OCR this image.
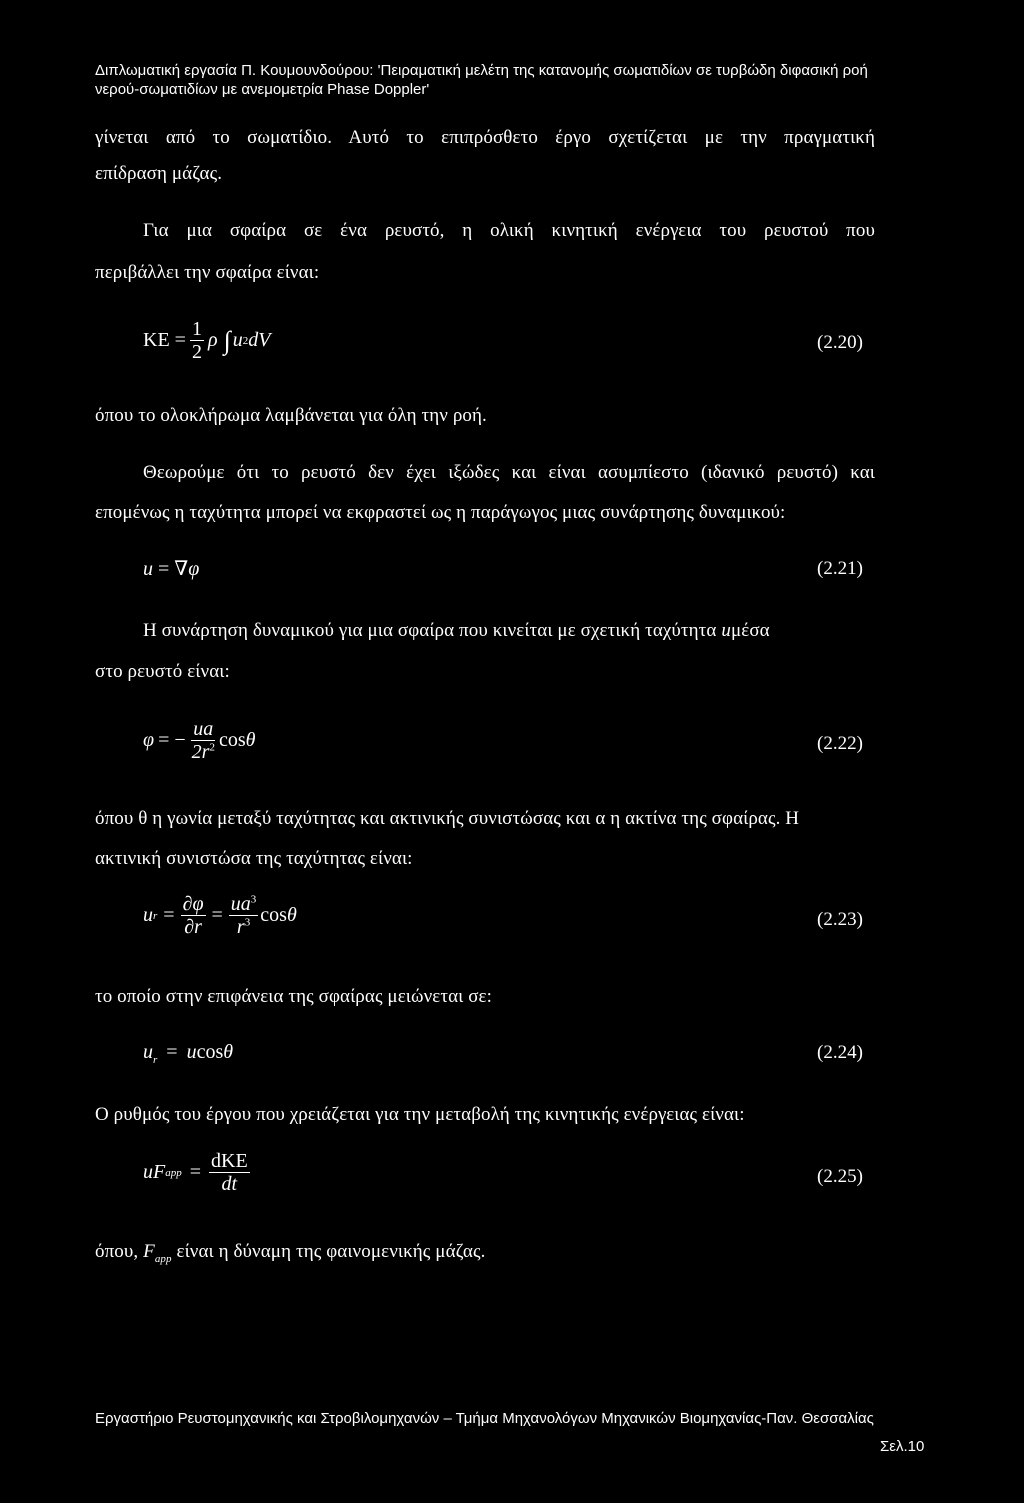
Διπλωματική εργασία Π. Κουμουνδούρου: 'Πειραματική μελέτη της κατανομής σωματιδίων σε τυρβώδη διφασική ροή
νερού-σωματιδίων με ανεμομετρία Phase Doppler'
γίνεται από το σωματίδιο. Αυτό το επιπρόσθετο έργο σχετίζεται με την πραγματική
επίδραση μάζας.
Για μια σφαίρα σε ένα ρευστό, η ολική κινητική ενέργεια του ρευστού που
περιβάλλει την σφαίρα είναι:
KE = $\frac{1}{2}$ ρ ∫ u 2 dV	(2.20)
όπου το ολοκλήρωμα λαμβάνεται για όλη την ροή.
Θεωρούμε ότι το ρευστό δεν έχει ιξώδες και είναι ασυμπίεστο (ιδανικό ρευστό) και
επομένως η ταχύτητα μπορεί να εκφραστεί ως η παράγωγος μιας συνάρτησης δυναμικού:
u = ∇φ	(2.21)
Η συνάρτηση δυναμικού για μια σφαίρα που κινείται με σχετική ταχύτητα uμέσα
στο ρευστό είναι:
φ = − $\frac{ua}{2r^2}$ cos θ	(2.22)
όπου θ η γωνία μεταξύ ταχύτητας και ακτινικής συνιστώσας και α η ακτίνα της σφαίρας. Η
ακτινική συνιστώσα της ταχύτητας είναι:
u $r = \frac{\partial\varphi}{\partial r} = \frac{ua^3}{r^3}$ cos θ	(2.23)
το οποίο στην επιφάνεια της σφαίρας μειώνεται σε:
$u_r = ucos\theta$	(2.24)
Ο ρυθμός του έργου που χρειάζεται για την μεταβολή της κινητικής ενέργειας είναι:
uF app = $\frac{\text{dKE}}{dt}$	(2.25)
όπου, $F_{app}$ είναι η δύναμη της φαινομενικής μάζας.
Εργαστήριο Ρευστομηχανικής και Στροβιλομηχανών – Τμήμα Μηχανολόγων Μηχανικών Βιομηχανίας-Παν. Θεσσαλίας
Σελ.10
